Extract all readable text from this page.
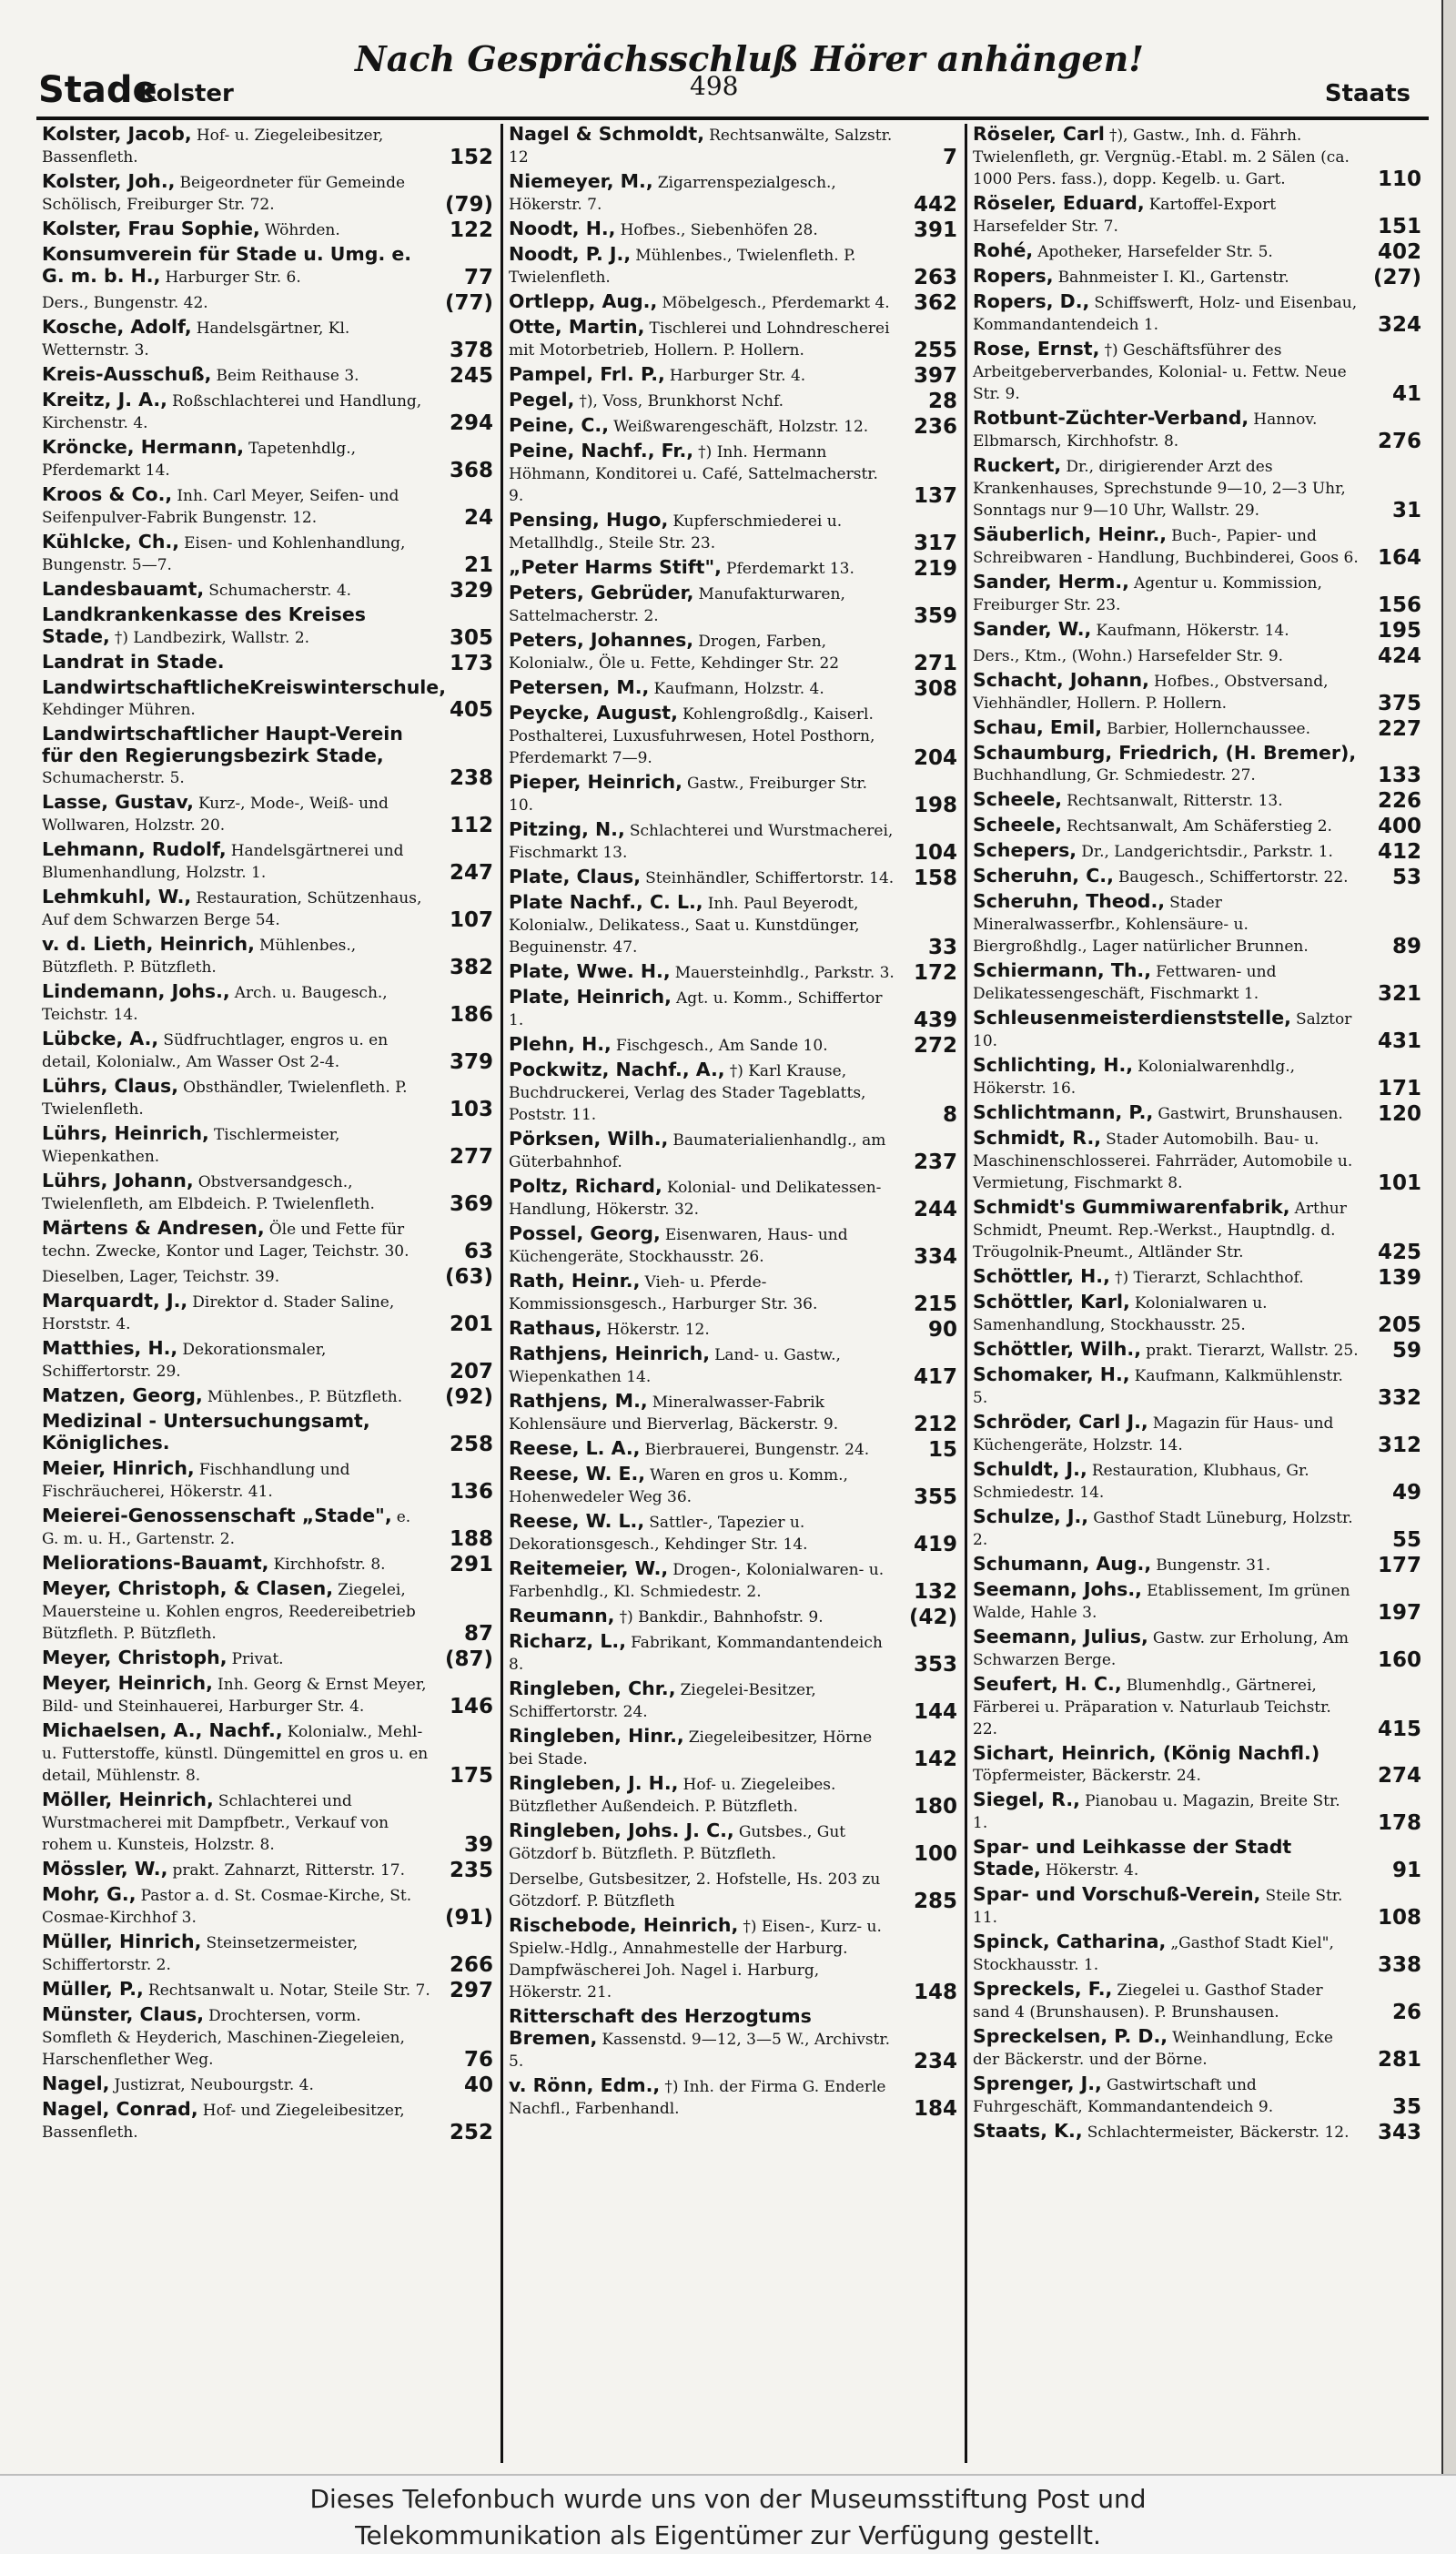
Nach Gesprächsschluß Hörer anhängen!
Stade
Kolster	498	Staats
Kolster, Jacob, Hof- u. Ziegeleibesitzer, Bassenfleth.	152
Kolster, Joh., Beigeordneter für Gemeinde Schölisch, Freiburger Str. 72.	(79)
Kolster, Frau Sophie, Wöhrden.	122
Konsumverein für Stade u. Umg. e. G. m. b. H., Harburger Str. 6.	77
Ders., Bungenstr. 42.	(77)
Kosche, Adolf, Handelsgärtner, Kl. Wetternstr. 3.	378
Kreis-Ausschuß, Beim Reithause 3.	245
Kreitz, J. A., Roßschlachterei und Handlung, Kirchenstr. 4.	294
Kröncke, Hermann, Tapetenhdlg., Pferdemarkt 14.	368
Kroos & Co., Inh. Carl Meyer, Seifen- und Seifenpulver-Fabrik Bungenstr. 12.	24
Kühlcke, Ch., Eisen- und Kohlenhandlung, Bungenstr. 5—7.	21
Landesbauamt, Schumacherstr. 4.	329
Landkrankenkasse des Kreises Stade, †) Landbezirk, Wallstr. 2.	305
Landrat in Stade.	173
LandwirtschaftlicheKreiswinterschule, Kehdinger Mühren.	405
Landwirtschaftlicher Haupt-Verein für den Regierungsbezirk Stade, Schumacherstr. 5.	238
Lasse, Gustav, Kurz-, Mode-, Weiß- und Wollwaren, Holzstr. 20.	112
Lehmann, Rudolf, Handelsgärtnerei und Blumenhandlung, Holzstr. 1.	247
Lehmkuhl, W., Restauration, Schützenhaus, Auf dem Schwarzen Berge 54.	107
v. d. Lieth, Heinrich, Mühlenbes., Bützfleth. P. Bützfleth.	382
Lindemann, Johs., Arch. u. Baugesch., Teichstr. 14.	186
Lübcke, A., Südfruchtlager, engros u. en detail, Kolonialw., Am Wasser Ost 2-4.	379
Lührs, Claus, Obsthändler, Twielenfleth. P. Twielenfleth.	103
Lührs, Heinrich, Tischlermeister, Wiepenkathen.	277
Lührs, Johann, Obstversandgesch., Twielenfleth, am Elbdeich. P. Twielenfleth.	369
Märtens & Andresen, Öle und Fette für techn. Zwecke, Kontor und Lager, Teichstr. 30.	63
Dieselben, Lager, Teichstr. 39.	(63)
Marquardt, J., Direktor d. Stader Saline, Horststr. 4.	201
Matthies, H., Dekorationsmaler, Schiffertorstr. 29.	207
Matzen, Georg, Mühlenbes., P. Bützfleth. (92)
Medizinal - Untersuchungsamt, Königliches.	258
Meier, Hinrich, Fischhandlung und Fischräucherei, Hökerstr. 41.	136
Meierei-Genossenschaft „Stade", e. G. m. u. H., Gartenstr. 2.	188
Meliorations-Bauamt, Kirchhofstr. 8.	291
Meyer, Christoph, & Clasen, Ziegelei, Mauersteine u. Kohlen engros, Reedereibetrieb Bützfleth. P. Bützfleth.	87
Meyer, Christoph, Privat.	(87)
Meyer, Heinrich, Inh. Georg & Ernst Meyer, Bild- und Steinhauerei, Harburger Str. 4.	146
Michaelsen, A., Nachf., Kolonialw., Mehl- u. Futterstoffe, künstl. Düngemittel en gros u. en detail, Mühlenstr. 8.	175
Möller, Heinrich, Schlachterei und Wurstmacherei mit Dampfbetr., Verkauf von rohem u. Kunsteis, Holzstr. 8.	39
Mössler, W., prakt. Zahnarzt, Ritterstr. 17. 235
Mohr, G., Pastor a. d. St. Cosmae-Kirche, St. Cosmae-Kirchhof 3.	(91)
Müller, Hinrich, Steinsetzermeister, Schiffertorstr. 2.	266
Müller, P., Rechtsanwalt u. Notar, Steile Str. 7. 297
Münster, Claus, Drochtersen, vorm. Somfleth & Heyderich, Maschinen-Ziegeleien, Harschenflether Weg.	76
Nagel, Justizrat, Neubourgstr. 4.	40
Nagel, Conrad, Hof- und Ziegeleibesitzer, Bassenfleth.	252
Nagel & Schmoldt, Rechtsanwälte, Salzstr. 12	7
Niemeyer, M., Zigarrenspezialgesch., Hökerstr. 7.	442
Noodt, H., Hofbes., Siebenhöfen 28.	391
Noodt, P. J., Mühlenbes., Twielenfleth. P. Twielenfleth.	263
Ortlepp, Aug., Möbelgesch., Pferdemarkt 4. 362
Otte, Martin, Tischlerei und Lohndrescherei mit Motorbetrieb, Hollern. P. Hollern.	255
Pampel, Frl. P., Harburger Str. 4.	397
Pegel, †), Voss, Brunkhorst Nchf.	28
Peine, C., Weißwarengeschäft, Holzstr. 12. 236
Peine, Nachf., Fr., †) Inh. Hermann Höhmann, Konditorei u. Café, Sattelmacherstr. 9.	137
Pensing, Hugo, Kupferschmiederei u. Metallhdlg., Steile Str. 23.	317
„Peter Harms Stift", Pferdemarkt 13.	219
Peters, Gebrüder, Manufakturwaren, Sattelmacherstr. 2.	359
Peters, Johannes, Drogen, Farben, Kolonialw., Öle u. Fette, Kehdinger Str. 22	271
Petersen, M., Kaufmann, Holzstr. 4.	308
Peycke, August, Kohlengroßdlg., Kaiserl. Posthalterei, Luxusfuhrwesen, Hotel Posthorn, Pferdemarkt 7—9.	204
Pieper, Heinrich, Gastw., Freiburger Str. 10.	198
Pitzing, N., Schlachterei und Wurstmacherei, Fischmarkt 13.	104
Plate, Claus, Steinhändler, Schiffertorstr. 14. 158
Plate Nachf., C. L., Inh. Paul Beyerodt, Kolonialw., Delikatess., Saat u. Kunstdünger, Beguinenstr. 47.	33
Plate, Wwe. H., Mauersteinhdlg., Parkstr. 3. 172
Plate, Heinrich, Agt. u. Komm., Schiffertor 1.	439
Plehn, H., Fischgesch., Am Sande 10.	272
Pockwitz, Nachf., A., †) Karl Krause, Buchdruckerei, Verlag des Stader Tageblatts, Poststr. 11.	8
Pörksen, Wilh., Baumaterialienhandlg., am Güterbahnhof.	237
Poltz, Richard, Kolonial- und Delikatessen-Handlung, Hökerstr. 32.	244
Possel, Georg, Eisenwaren, Haus- und Küchengeräte, Stockhausstr. 26.	334
Rath, Heinr., Vieh- u. Pferde-Kommissionsgesch., Harburger Str. 36.	215
Rathaus, Hökerstr. 12.	90
Rathjens, Heinrich, Land- u. Gastw., Wiepenkathen 14.	417
Rathjens, M., Mineralwasser-Fabrik Kohlensäure und Bierverlag, Bäckerstr. 9.	212
Reese, L. A., Bierbrauerei, Bungenstr. 24.	15
Reese, W. E., Waren en gros u. Komm., Hohenwedeler Weg 36.	355
Reese, W. L., Sattler-, Tapezier u. Dekorationsgesch., Kehdinger Str. 14.	419
Reitemeier, W., Drogen-, Kolonialwaren- u. Farbenhdlg., Kl. Schmiedestr. 2.	132
Reumann, †) Bankdir., Bahnhofstr. 9.	(42)
Richarz, L., Fabrikant, Kommandantendeich 8.	353
Ringleben, Chr., Ziegelei-Besitzer, Schiffertorstr. 24.	144
Ringleben, Hinr., Ziegeleibesitzer, Hörne bei Stade.	142
Ringleben, J. H., Hof- u. Ziegeleibes. Bützflether Außendeich. P. Bützfleth.	180
Ringleben, Johs. J. C., Gutsbes., Gut Götzdorf b. Bützfleth. P. Bützfleth.	100
Derselbe, Gutsbesitzer, 2. Hofstelle, Hs. 203 zu Götzdorf. P. Bützfleth	285
Rischebode, Heinrich, †) Eisen-, Kurz- u. Spielw.-Hdlg., Annahmestelle der Harburg. Dampfwäscherei Joh. Nagel i. Harburg, Hökerstr. 21.	148
Ritterschaft des Herzogtums Bremen, Kassenstd. 9—12, 3—5 W., Archivstr. 5.	234
v. Rönn, Edm., †) Inh. der Firma G. Enderle Nachfl., Farbenhandl.	184
Röseler, Carl †), Gastw., Inh. d. Fährh. Twielenfleth, gr. Vergnüg.-Etabl. m. 2 Sälen (ca. 1000 Pers. fass.), dopp. Kegelb. u. Gart.	110
Röseler, Eduard, Kartoffel-Export Harsefelder Str. 7.	151
Rohé, Apotheker, Harsefelder Str. 5.	402
Ropers, Bahnmeister I. Kl., Gartenstr.	(27)
Ropers, D., Schiffswerft, Holz- und Eisenbau, Kommandantendeich 1.	324
Rose, Ernst, †) Geschäftsführer des Arbeitgeberverbandes, Kolonial- u. Fettw. Neue Str. 9.	41
Rotbunt-Züchter-Verband, Hannov. Elbmarsch, Kirchhofstr. 8.	276
Ruckert, Dr., dirigierender Arzt des Krankenhauses, Sprechstunde 9—10, 2—3 Uhr, Sonntags nur 9—10 Uhr, Wallstr. 29.	31
Säuberlich, Heinr., Buch-, Papier- und Schreibwaren - Handlung, Buchbinderei, Goos 6. 164
Sander, Herm., Agentur u. Kommission, Freiburger Str. 23.	156
Sander, W., Kaufmann, Hökerstr. 14.	195
Ders., Ktm., (Wohn.) Harsefelder Str. 9.	424
Schacht, Johann, Hofbes., Obstversand, Viehhändler, Hollern. P. Hollern.	375
Schau, Emil, Barbier, Hollernchaussee.	227
Schaumburg, Friedrich, (H. Bremer), Buchhandlung, Gr. Schmiedestr. 27.	133
Scheele, Rechtsanwalt, Ritterstr. 13.	226
Scheele, Rechtsanwalt, Am Schäferstieg 2. 400
Schepers, Dr., Landgerichtsdir., Parkstr. 1. 412
Scheruhn, C., Baugesch., Schiffertorstr. 22. 53
Scheruhn, Theod., Stader Mineralwasserfbr., Kohlensäure- u. Biergroßhdlg., Lager natürlicher Brunnen.	89
Schiermann, Th., Fettwaren- und Delikatessengeschäft, Fischmarkt 1.	321
Schleusenmeisterdienststelle, Salztor 10.	431
Schlichting, H., Kolonialwarenhdlg., Hökerstr. 16.	171
Schlichtmann, P., Gastwirt, Brunshausen. 120
Schmidt, R., Stader Automobilh. Bau- u. Maschinenschlosserei. Fahrräder, Automobile u. Vermietung, Fischmarkt 8.	101
Schmidt's Gummiwarenfabrik, Arthur Schmidt, Pneumt. Rep.-Werkst., Hauptndlg. d. Tröugolnik-Pneumt., Altländer Str.	425
Schöttler, H., †) Tierarzt, Schlachthof.	139
Schöttler, Karl, Kolonialwaren u. Samenhandlung, Stockhausstr. 25.	205
Schöttler, Wilh., prakt. Tierarzt, Wallstr. 25. 59
Schomaker, H., Kaufmann, Kalkmühlenstr. 5.	332
Schröder, Carl J., Magazin für Haus- und Küchengeräte, Holzstr. 14.	312
Schuldt, J., Restauration, Klubhaus, Gr. Schmiedestr. 14.	49
Schulze, J., Gasthof Stadt Lüneburg, Holzstr. 2.	55
Schumann, Aug., Bungenstr. 31.	177
Seemann, Johs., Etablissement, Im grünen Walde, Hahle 3.	197
Seemann, Julius, Gastw. zur Erholung, Am Schwarzen Berge.	160
Seufert, H. C., Blumenhdlg., Gärtnerei, Färberei u. Präparation v. Naturlaub Teichstr. 22.	415
Sichart, Heinrich, (König Nachfl.) Töpfermeister, Bäckerstr. 24.	274
Siegel, R., Pianobau u. Magazin, Breite Str. 1.	178
Spar- und Leihkasse der Stadt Stade, Hökerstr. 4.	91
Spar- und Vorschuß-Verein, Steile Str. 11.	108
Spinck, Catharina, „Gasthof Stadt Kiel", Stockhausstr. 1.	338
Spreckels, F., Ziegelei u. Gasthof Stader sand 4 (Brunshausen). P. Brunshausen.	26
Spreckelsen, P. D., Weinhandlung, Ecke der Bäckerstr. und der Börne.	281
Sprenger, J., Gastwirtschaft und Fuhrgeschäft, Kommandantendeich 9.	35
Staats, K., Schlachtermeister, Bäckerstr. 12. 343
Dieses Telefonbuch wurde uns von der Museumsstiftung Post und
Telekommunikation als Eigentümer zur Verfügung gestellt.
